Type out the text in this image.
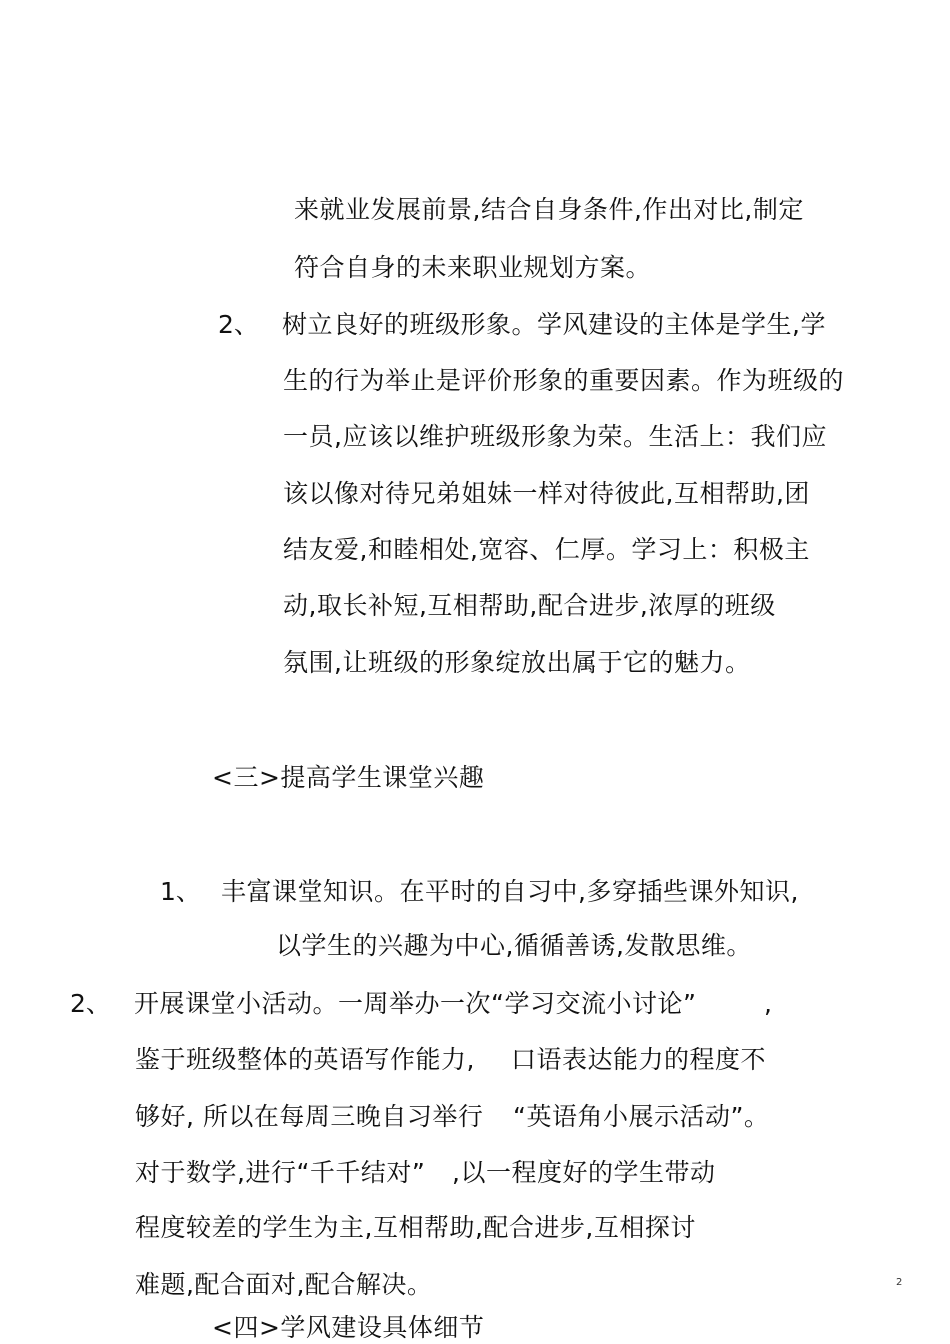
来就业发展前景,结合自身条件,作出对比,制定
符合自身的未来职业规划方案。
2、 树立良好的班级形象。学风建设的主体是学生,学
生的行为举止是评价形象的重要因素。作为班级的
一员,应该以维护班级形象为荣。生活上：我们应
该以像对待兄弟姐妹一样对待彼此,互相帮助,团
结友爱,和睦相处,宽容、仁厚。学习上：积极主
动,取长补短,互相帮助,配合进步,浓厚的班级
氛围,让班级的形象绽放出属于它的魅力。
<三>提高学生课堂兴趣
1、 丰富课堂知识。在平时的自习中,多穿插些课外知识,
以学生的兴趣为中心,循循善诱,发散思维。
2、 开展课堂小活动。一周举办一次“学习交流小讨论”	,
鉴于班级整体的英语写作能力, 口语表达能力的程度不
够好, 所以在每周三晚自习举行 “英语角小展示活动”。
对于数学,进行“千千结对” ,以一程度好的学生带动
程度较差的学生为主,互相帮助,配合进步,互相探讨
难题,配合面对,配合解决。	2
<四>学风建设具体细节
